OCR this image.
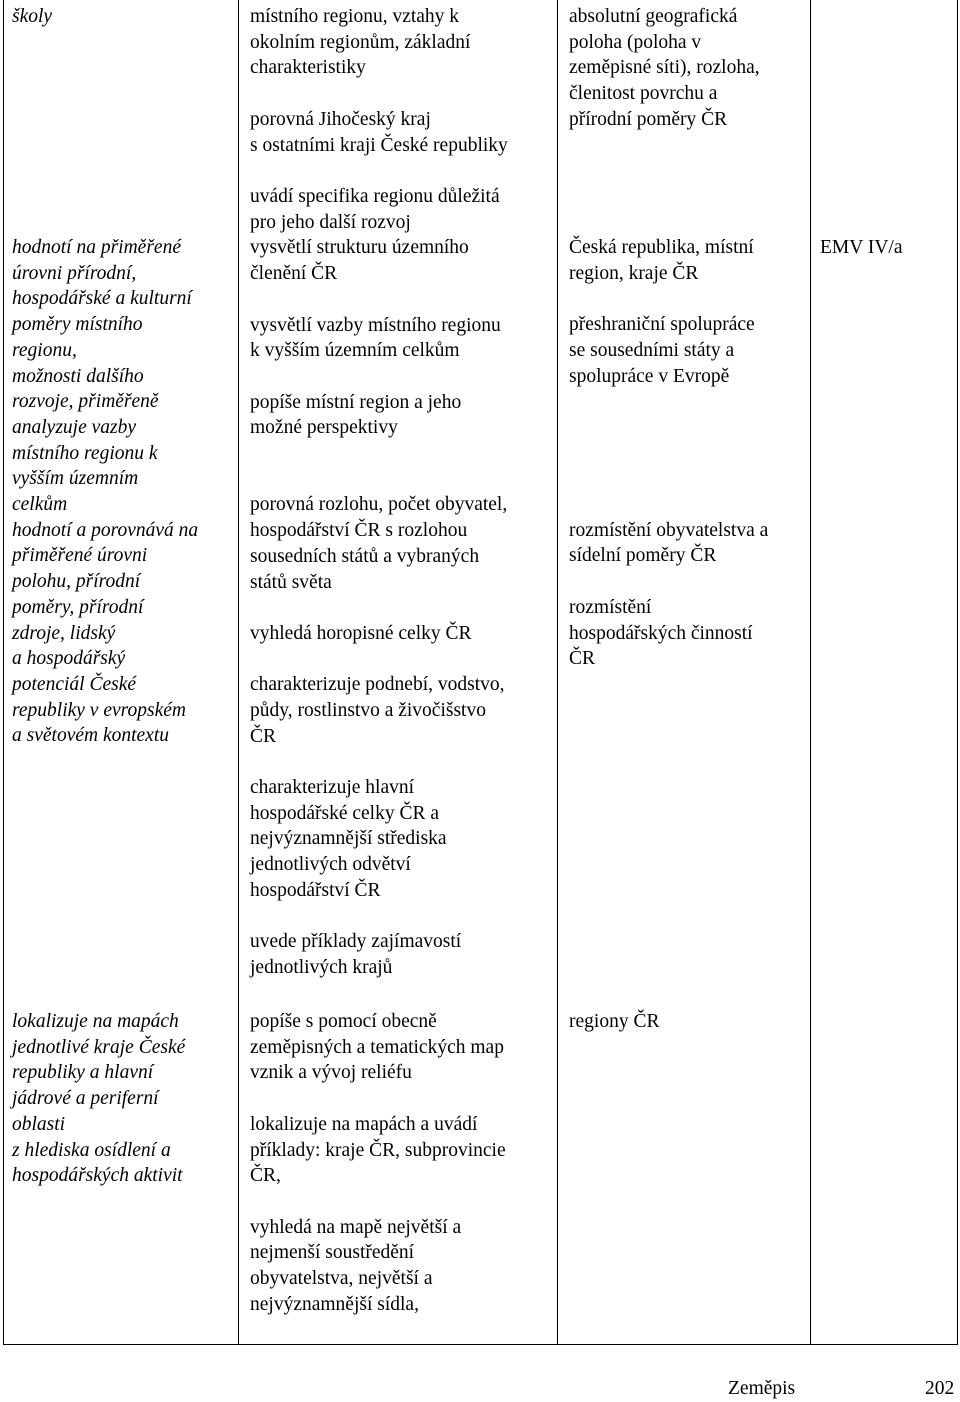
školy	místního regionu, vztahy k
okolním regionům, základní
charakteristiky

porovná Jihočeský kraj
s ostatními kraji České republiky

absolutní geografická
poloha (poloha v
zeměpisné síti), rozloha,
členitost povrchu a
přírodní poměry ČR

hodnotí na přiměřené
úrovni přírodní,
hospodářské a kulturní
poměry místního
regionu,
možnosti dalšího
rozvoje, přiměřeně
analyzuje vazby
místního regionu k
vyšším územním
celkům

hodnotí a porovnává na
přiměřené úrovni
polohu, přírodní
poměry, přírodní
zdroje, lidský
a hospodářský
potenciál České
republiky v evropském
a světovém kontextu

uvádí specifika regionu důležitá
pro jeho další rozvoj

vysvětlí strukturu územního
členění ČR

vysvětlí vazby místního regionu
k vyšším územním celkům

popíše místní region a jeho
možné perspektivy

porovná rozlohu, počet obyvatel,
hospodářství ČR s rozlohou
sousedních států a vybraných
států světa

vyhledá horopisné celky ČR

charakterizuje podnebí, vodstvo,
půdy, rostlinstvo a živočišstvo
ČR

charakterizuje hlavní
hospodářské celky ČR a
nejvýznamnější střediska
jednotlivých odvětví
hospodářství ČR

uvede příklady zajímavostí
jednotlivých krajů

Česká republika, místní
region, kraje ČR

přeshraniční spolupráce
se sousedními státy a
spolupráce v Evropě

rozmístění obyvatelstva a
sídelní poměry ČR

rozmístění
hospodářských činností
ČR

EMV IV/a

lokalizuje na mapách
jednotlivé kraje České
republiky a hlavní
jádrové a periferní
oblasti
z hlediska osídlení a
hospodářských aktivit

popíše s pomocí obecně
zeměpisných a tematických map
vznik a vývoj reliéfu

lokalizuje na mapách a uvádí
příklady: kraje ČR, subprovincie
ČR,

vyhledá na mapě největší a
nejmenší soustředění
obyvatelstva, největší a
nejvýznamnější sídla,

regiony ČR

Zeměpis	202
